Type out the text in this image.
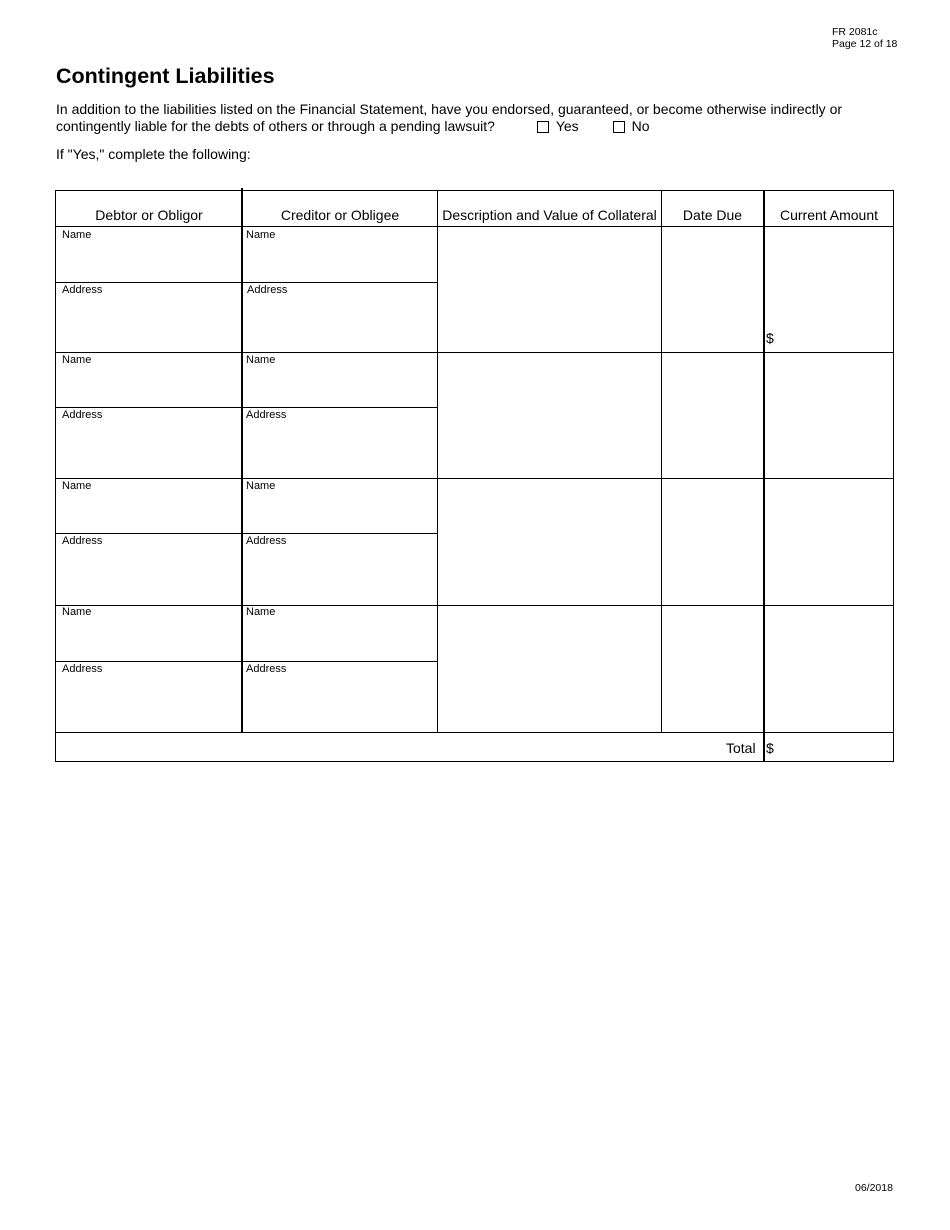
FR 2081c
Page 12 of 18
Contingent Liabilities
In addition to the liabilities listed on the Financial Statement, have you endorsed, guaranteed, or become otherwise indirectly or contingently liable for the debts of others or through a pending lawsuit?	Yes	No
If "Yes," complete the following:
Debtor or Obligor	Creditor or Obligee	Description and Value of Collateral	Date Due	Current Amount
Name	Name
Address	Address
$
Name	Name
Address	Address
Name	Name
Address	Address
Name	Name
Address	Address
Total $
06/2018
